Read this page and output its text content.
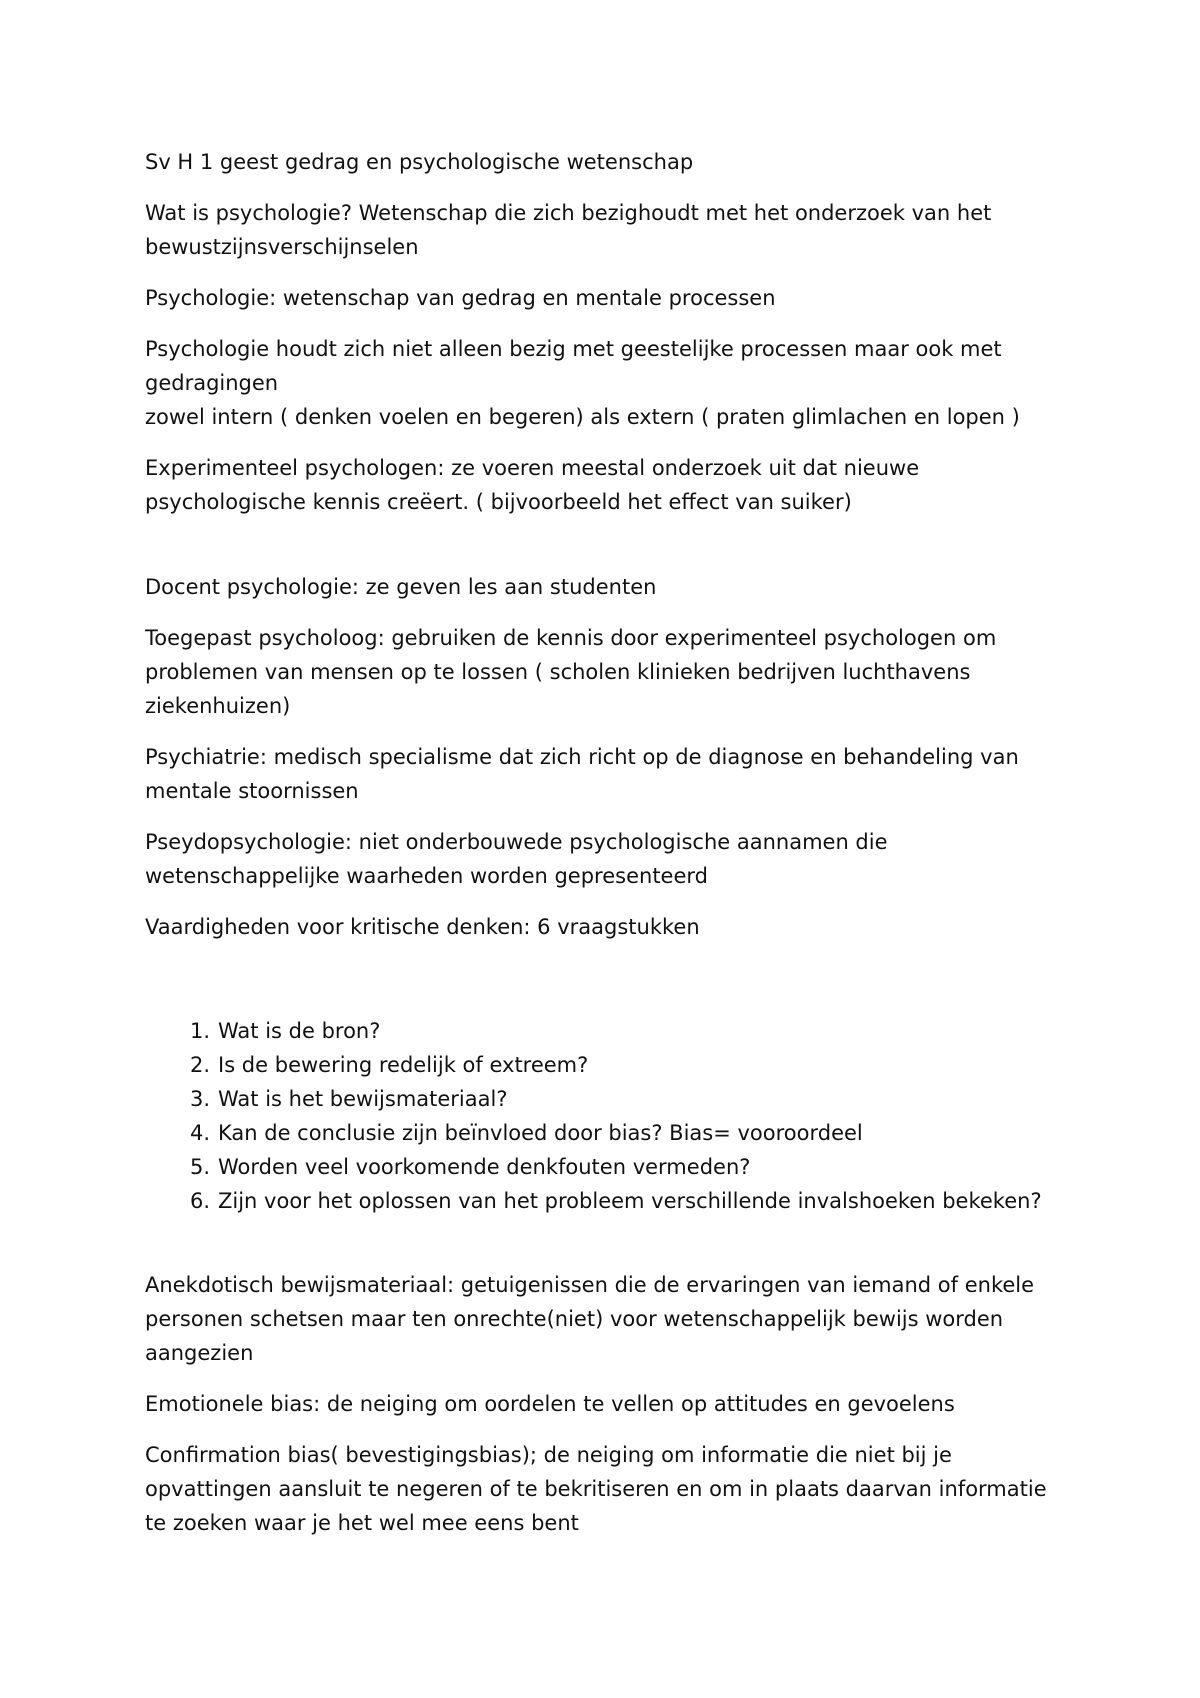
Sv H 1 geest gedrag en psychologische wetenschap

Wat is psychologie? Wetenschap die zich bezighoudt met het onderzoek van het
bewustzijnsverschijnselen

Psychologie: wetenschap van gedrag en mentale processen

Psychologie houdt zich niet alleen bezig met geestelijke processen maar ook met
gedragingen
zowel intern ( denken voelen en begeren) als extern ( praten glimlachen en lopen )

Experimenteel psychologen: ze voeren meestal onderzoek uit dat nieuwe
psychologische kennis creëert. ( bijvoorbeeld het effect van suiker)

Docent psychologie: ze geven les aan studenten

Toegepast psycholoog: gebruiken de kennis door experimenteel psychologen om
problemen van mensen op te lossen ( scholen klinieken bedrijven luchthavens
ziekenhuizen)

Psychiatrie: medisch specialisme dat zich richt op de diagnose en behandeling van
mentale stoornissen

Pseydopsychologie: niet onderbouwede psychologische aannamen die
wetenschappelijke waarheden worden gepresenteerd

Vaardigheden voor kritische denken: 6 vraagstukken

1. Wat is de bron?
2. Is de bewering redelijk of extreem?
3. Wat is het bewijsmateriaal?
4. Kan de conclusie zijn beïnvloed door bias? Bias= vooroordeel
5. Worden veel voorkomende denkfouten vermeden?
6. Zijn voor het oplossen van het probleem verschillende invalshoeken bekeken?

Anekdotisch bewijsmateriaal: getuigenissen die de ervaringen van iemand of enkele
personen schetsen maar ten onrechte(niet) voor wetenschappelijk bewijs worden
aangezien

Emotionele bias: de neiging om oordelen te vellen op attitudes en gevoelens

Confirmation bias( bevestigingsbias); de neiging om informatie die niet bij je
opvattingen aansluit te negeren of te bekritiseren en om in plaats daarvan informatie
te zoeken waar je het wel mee eens bent
